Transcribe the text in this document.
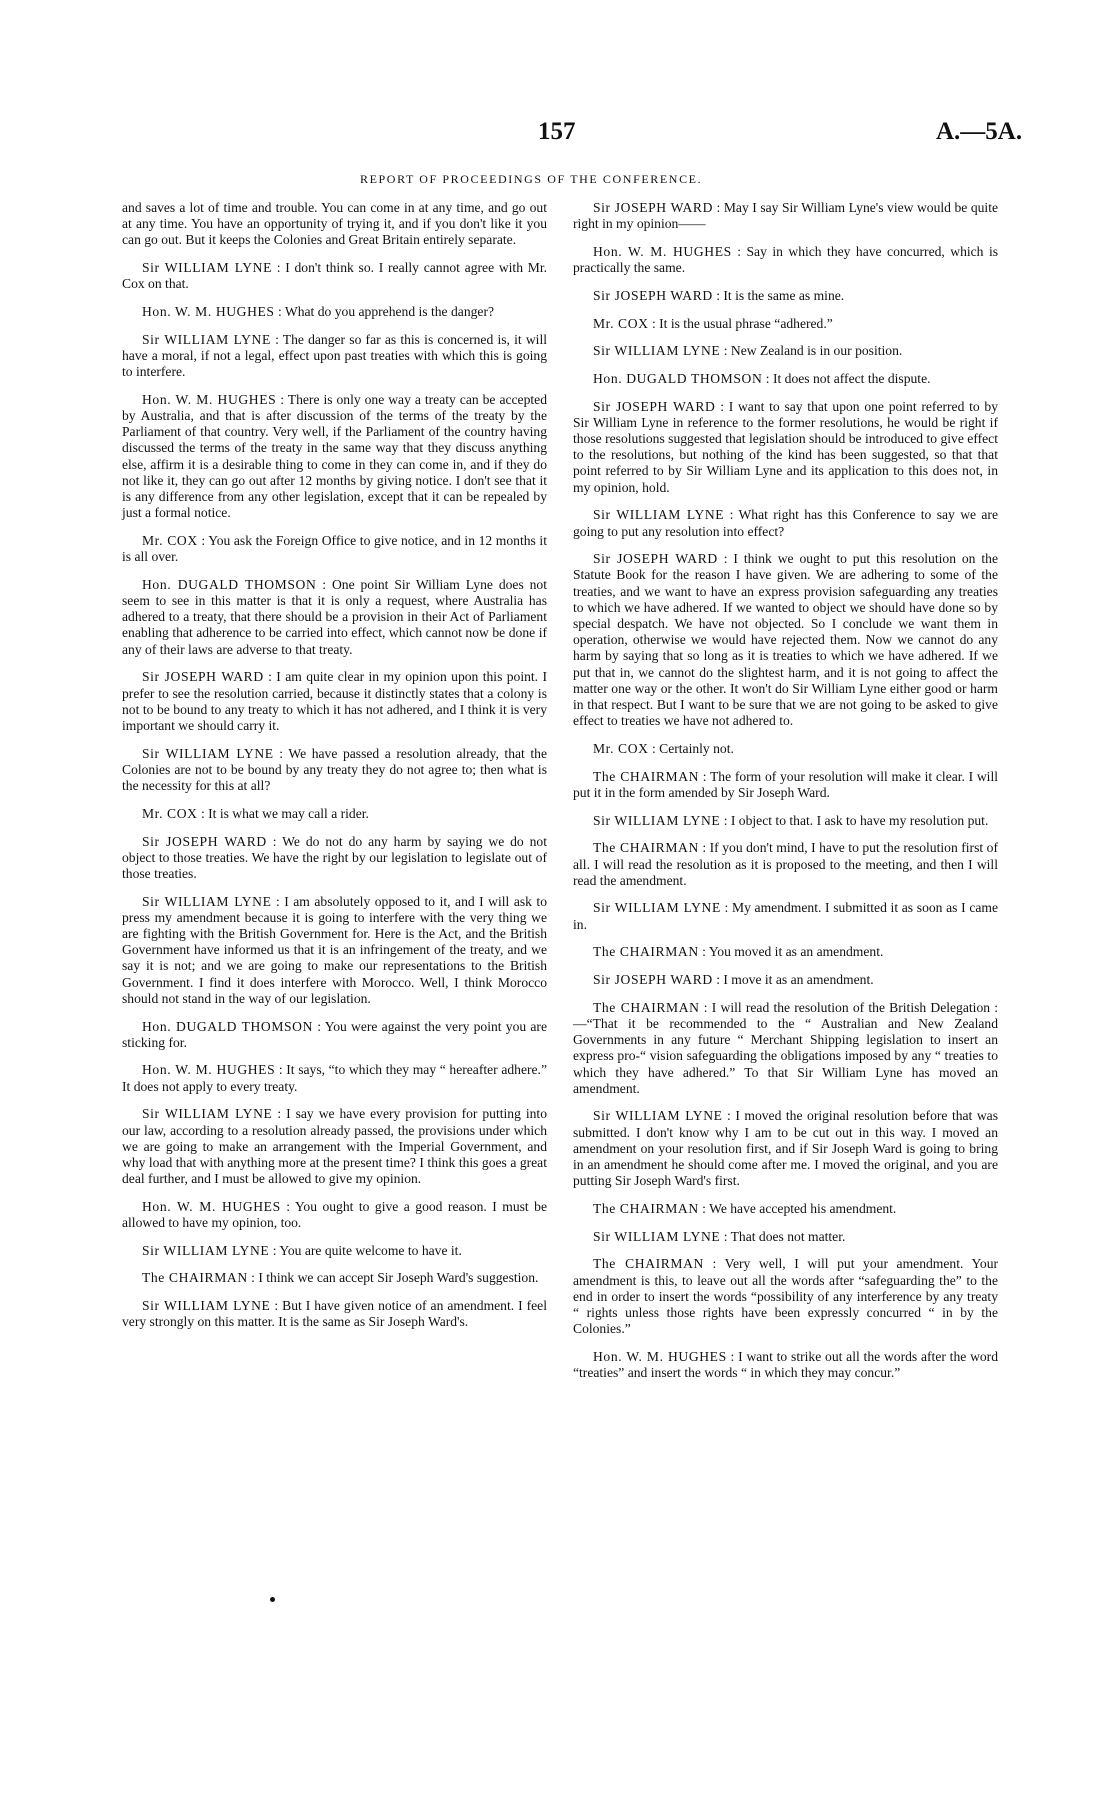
157	A.—5A.
REPORT OF PROCEEDINGS OF THE CONFERENCE.

and saves a lot of time and trouble. You can come in at any time, and go out at any time. You have an opportunity of trying it, and if you don't like it you can go out. But it keeps the Colonies and Great Britain entirely separate.

Sir WILLIAM LYNE : I don't think so. I really cannot agree with Mr. Cox on that.

Hon. W. M. HUGHES : What do you apprehend is the danger?

Sir WILLIAM LYNE : The danger so far as this is concerned is, it will have a moral, if not a legal, effect upon past treaties with which this is going to interfere.

Hon. W. M. HUGHES : There is only one way a treaty can be accepted by Australia, and that is after discussion of the terms of the treaty by the Parliament of that country. Very well, if the Parliament of the country having discussed the terms of the treaty in the same way that they discuss anything else, affirm it is a desirable thing to come in they can come in, and if they do not like it, they can go out after 12 months by giving notice. I don't see that it is any difference from any other legislation, except that it can be repealed by just a formal notice.

Mr. COX : You ask the Foreign Office to give notice, and in 12 months it is all over.

Hon. DUGALD THOMSON : One point Sir William Lyne does not seem to see in this matter is that it is only a request, where Australia has adhered to a treaty, that there should be a provision in their Act of Parliament enabling that adherence to be carried into effect, which cannot now be done if any of their laws are adverse to that treaty.

Sir JOSEPH WARD : I am quite clear in my opinion upon this point. I prefer to see the resolution carried, because it distinctly states that a colony is not to be bound to any treaty to which it has not adhered, and I think it is very important we should carry it.

Sir WILLIAM LYNE : We have passed a resolution already, that the Colonies are not to be bound by any treaty they do not agree to; then what is the necessity for this at all?

Mr. COX : It is what we may call a rider.

Sir JOSEPH WARD : We do not do any harm by saying we do not object to those treaties. We have the right by our legislation to legislate out of those treaties.

Sir WILLIAM LYNE : I am absolutely opposed to it, and I will ask to press my amendment because it is going to interfere with the very thing we are fighting with the British Government for. Here is the Act, and the British Government have informed us that it is an infringement of the treaty, and we say it is not; and we are going to make our representations to the British Government. I find it does interfere with Morocco. Well, I think Morocco should not stand in the way of our legislation.

Hon. DUGALD THOMSON : You were against the very point you are sticking for.

Hon. W. M. HUGHES : It says, “to which they may “ hereafter adhere.” It does not apply to every treaty.

Sir WILLIAM LYNE : I say we have every provision for putting into our law, according to a resolution already passed, the provisions under which we are going to make an arrangement with the Imperial Government, and why load that with anything more at the present time? I think this goes a great deal further, and I must be allowed to give my opinion.

Hon. W. M. HUGHES : You ought to give a good reason. I must be allowed to have my opinion, too.

Sir WILLIAM LYNE : You are quite welcome to have it.

The CHAIRMAN : I think we can accept Sir Joseph Ward's suggestion.

Sir WILLIAM LYNE : But I have given notice of an amendment. I feel very strongly on this matter. It is the same as Sir Joseph Ward's.

Sir JOSEPH WARD : May I say Sir William Lyne's view would be quite right in my opinion——

Hon. W. M. HUGHES : Say in which they have concurred, which is practically the same.

Sir JOSEPH WARD : It is the same as mine.

Mr. COX : It is the usual phrase “adhered.”

Sir WILLIAM LYNE : New Zealand is in our position.

Hon. DUGALD THOMSON : It does not affect the dispute.

Sir JOSEPH WARD : I want to say that upon one point referred to by Sir William Lyne in reference to the former resolutions, he would be right if those resolutions suggested that legislation should be introduced to give effect to the resolutions, but nothing of the kind has been suggested, so that that point referred to by Sir William Lyne and its application to this does not, in my opinion, hold.

Sir WILLIAM LYNE : What right has this Conference to say we are going to put any resolution into effect?

Sir JOSEPH WARD : I think we ought to put this resolution on the Statute Book for the reason I have given. We are adhering to some of the treaties, and we want to have an express provision safeguarding any treaties to which we have adhered. If we wanted to object we should have done so by special despatch. We have not objected. So I conclude we want them in operation, otherwise we would have rejected them. Now we cannot do any harm by saying that so long as it is treaties to which we have adhered. If we put that in, we cannot do the slightest harm, and it is not going to affect the matter one way or the other. It won't do Sir William Lyne either good or harm in that respect. But I want to be sure that we are not going to be asked to give effect to treaties we have not adhered to.

Mr. COX : Certainly not.

The CHAIRMAN : The form of your resolution will make it clear. I will put it in the form amended by Sir Joseph Ward.

Sir WILLIAM LYNE : I object to that. I ask to have my resolution put.

The CHAIRMAN : If you don't mind, I have to put the resolution first of all. I will read the resolution as it is proposed to the meeting, and then I will read the amendment.

Sir WILLIAM LYNE : My amendment. I submitted it as soon as I came in.

The CHAIRMAN : You moved it as an amendment.

Sir JOSEPH WARD : I move it as an amendment.

The CHAIRMAN : I will read the resolution of the British Delegation :—“That it be recommended to the “ Australian and New Zealand Governments in any future “ Merchant Shipping legislation to insert an express pro-“ vision safeguarding the obligations imposed by any “ treaties to which they have adhered.” To that Sir William Lyne has moved an amendment.

Sir WILLIAM LYNE : I moved the original resolution before that was submitted. I don't know why I am to be cut out in this way. I moved an amendment on your resolution first, and if Sir Joseph Ward is going to bring in an amendment he should come after me. I moved the original, and you are putting Sir Joseph Ward's first.

The CHAIRMAN : We have accepted his amendment.

Sir WILLIAM LYNE : That does not matter.

The CHAIRMAN : Very well, I will put your amendment. Your amendment is this, to leave out all the words after “safeguarding the” to the end in order to insert the words “possibility of any interference by any treaty “ rights unless those rights have been expressly concurred “ in by the Colonies.”

Hon. W. M. HUGHES : I want to strike out all the words after the word “treaties” and insert the words “ in which they may concur.”
